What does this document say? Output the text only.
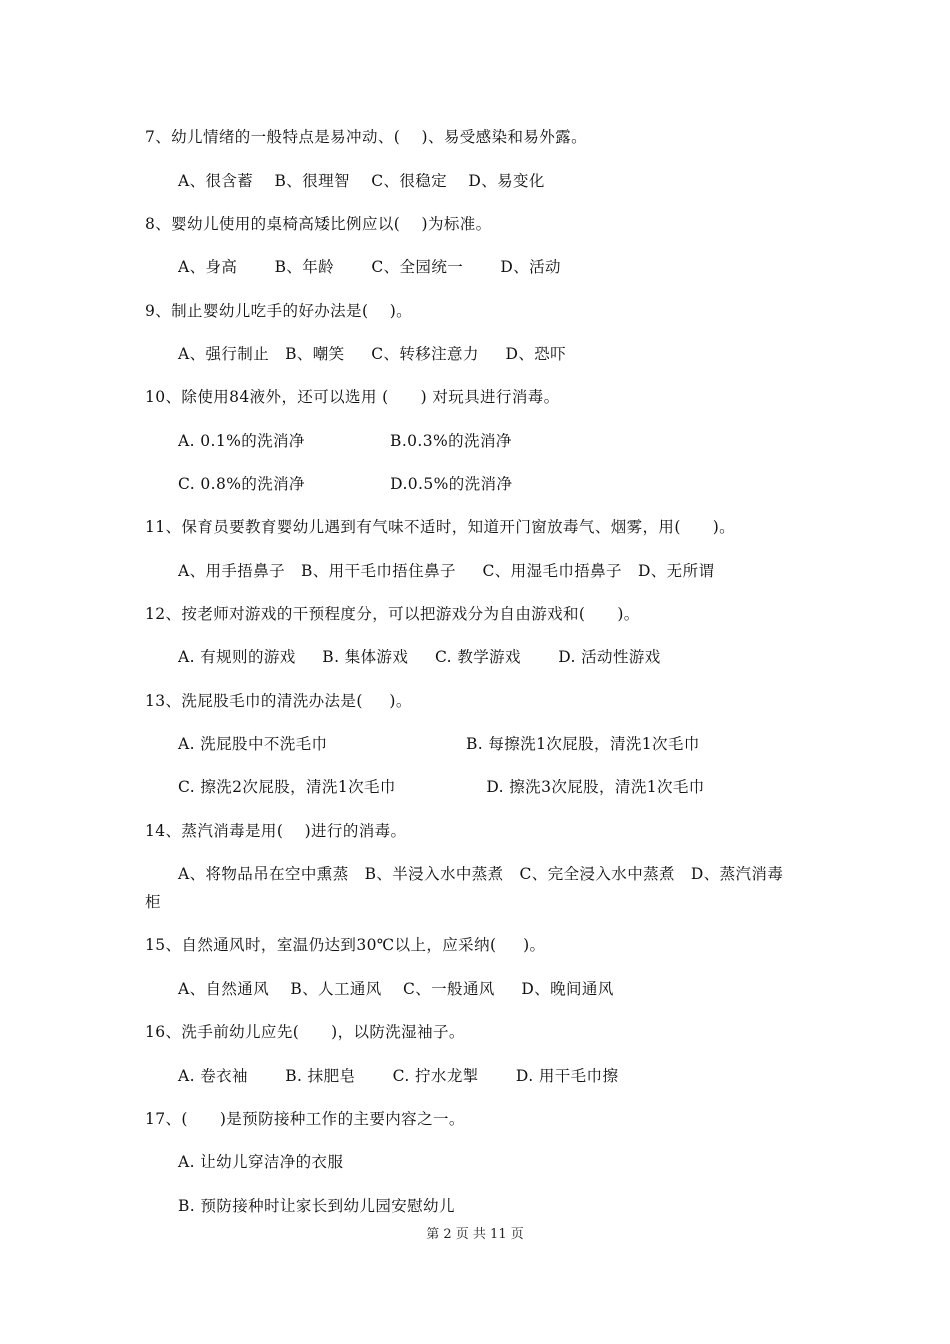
7、幼儿情绪的一般特点是易冲动、(    )、易受感染和易外露。
A、很含蓄    B、很理智    C、很稳定    D、易变化
8、婴幼儿使用的桌椅高矮比例应以(    )为标准。
A、身高       B、年龄       C、全园统一       D、活动
9、制止婴幼儿吃手的好办法是(    )。
A、强行制止   B、嘲笑     C、转移注意力     D、恐吓
10、除使用84液外，还可以选用 (      ) 对玩具进行消毒。
A. 0.1%的洗消净                B.0.3%的洗消净
C. 0.8%的洗消净                D.0.5%的洗消净
11、保育员要教育婴幼儿遇到有气味不适时，知道开门窗放毒气、烟雾，用(      )。
A、用手捂鼻子   B、用干毛巾捂住鼻子     C、用湿毛巾捂鼻子   D、无所谓
12、按老师对游戏的干预程度分，可以把游戏分为自由游戏和(      )。
A. 有规则的游戏     B. 集体游戏     C. 教学游戏       D. 活动性游戏
13、洗屁股毛巾的清洗办法是(     )。
A. 洗屁股中不洗毛巾                          B. 每擦洗1次屁股，清洗1次毛巾
C. 擦洗2次屁股，清洗1次毛巾                 D. 擦洗3次屁股，清洗1次毛巾
14、蒸汽消毒是用(    )进行的消毒。
A、将物品吊在空中熏蒸   B、半浸入水中蒸煮   C、完全浸入水中蒸煮   D、蒸汽消毒
柜
15、自然通风时，室温仍达到30℃以上，应采纳(     )。
A、自然通风    B、人工通风    C、一般通风     D、晚间通风
16、洗手前幼儿应先(      )，以防洗湿袖子。
A. 卷衣袖       B. 抹肥皂       C. 拧水龙掣       D. 用干毛巾擦
17、(      )是预防接种工作的主要内容之一。
A. 让幼儿穿洁净的衣服
B. 预防接种时让家长到幼儿园安慰幼儿
第 2 页 共 11 页
